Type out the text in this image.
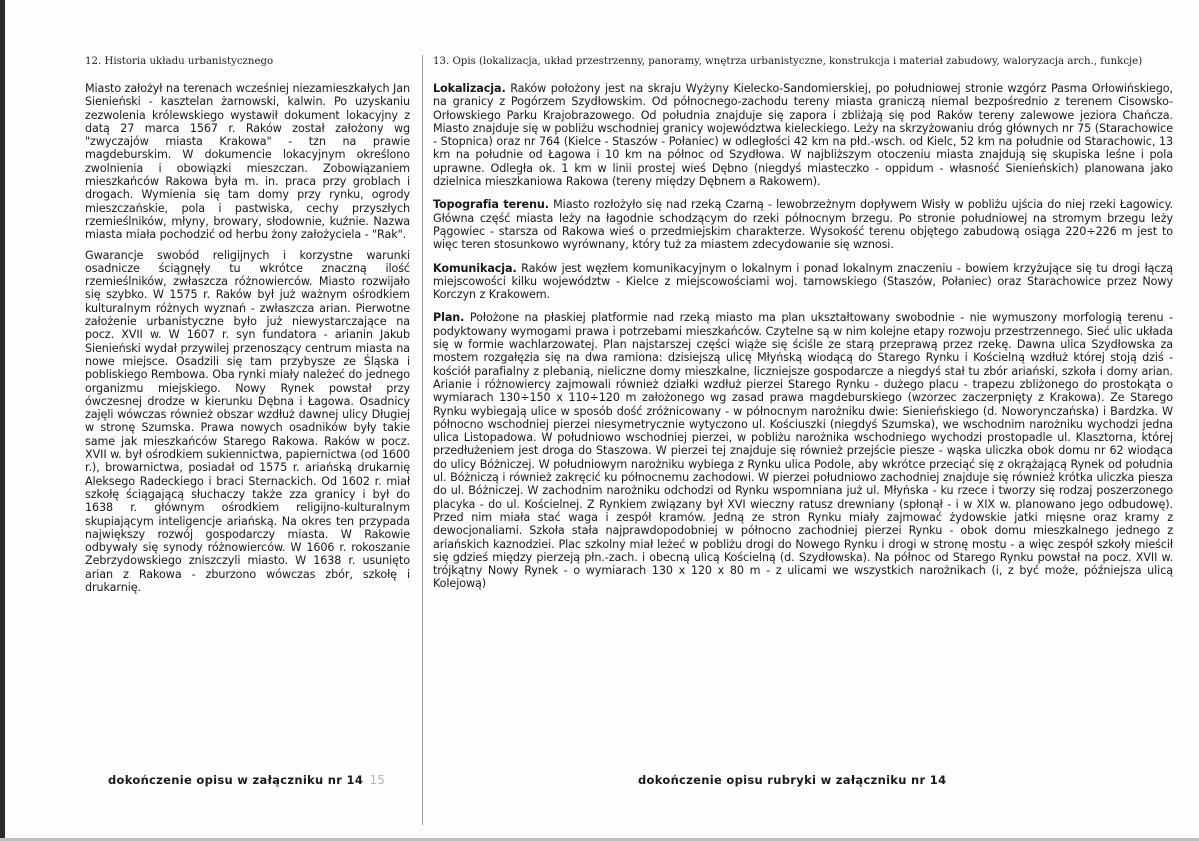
12. Historia układu urbanistycznego

Miasto założył na terenach wcześniej niezamieszkałych Jan Sienieński - kasztelan żarnowski, kalwin. Po uzyskaniu zezwolenia królewskiego wystawił dokument lokacyjny z datą 27 marca 1567 r. Raków został założony wg "zwyczajów miasta Krakowa" - tzn na prawie magdeburskim. W dokumencie lokacyjnym określono zwolnienia i obowiązki mieszczan. Zobowiązaniem mieszkańców Rakowa była m. in. praca przy groblach i drogach. Wymienia się tam domy przy rynku, ogrody mieszczańskie, pola i pastwiska, cechy przyszłych rzemieślników, młyny, browary, słodownie, kuźnie. Nazwa miasta miała pochodzić od herbu żony założyciela - "Rak".

Gwarancje swobód religijnych i korzystne warunki osadnicze ściągnęły tu wkrótce znaczną ilość rzemieślników, zwłaszcza różnowierców. Miasto rozwijało się szybko. W 1575 r. Raków był już ważnym ośrodkiem kulturalnym różnych wyznań - zwłaszcza arian. Pierwotne założenie urbanistyczne było już niewystarczające na pocz. XVII w. W 1607 r. syn fundatora - arianin Jakub Sienieński wydał przywilej przenoszący centrum miasta na nowe miejsce. Osadzili się tam przybysze ze Śląska i pobliskiego Rembowa. Oba rynki miały należeć do jednego organizmu miejskiego. Nowy Rynek powstał przy ówczesnej drodze w kierunku Dębna i Łagowa. Osadnicy zajęli wówczas również obszar wzdłuż dawnej ulicy Długiej w stronę Szumska. Prawa nowych osadników były takie same jak mieszkańców Starego Rakowa. Raków w pocz. XVII w. był ośrodkiem sukiennictwa, papiernictwa (od 1600 r.), browarnictwa, posiadał od 1575 r. ariańską drukarnię Aleksego Radeckiego i braci Sternackich. Od 1602 r. miał szkołę ściągającą słuchaczy także zza granicy i był do 1638 r. głównym ośrodkiem religijno-kulturalnym skupiającym inteligencje ariańską. Na okres ten przypada największy rozwój gospodarczy miasta. W Rakowie odbywały się synody różnowierców. W 1606 r. rokoszanie Zebrzydowskiego zniszczyli miasto. W 1638 r. usunięto arian z Rakowa - zburzono wówczas zbór, szkołę i drukarnię.

dokończenie opisu w załączniku nr 14 15
13. Opis (lokalizacja, układ przestrzenny, panoramy, wnętrza urbanistyczne, konstrukcja i materiał zabudowy, waloryzacja arch., funkcje)

Lokalizacja. Raków położony jest na skraju Wyżyny Kielecko-Sandomierskiej, po południowej stronie wzgórz Pasma Orłowińskiego, na granicy z Pogórzem Szydłowskim. Od północnego-zachodu tereny miasta graniczą niemal bezpośrednio z terenem Cisowsko-Orłowskiego Parku Krajobrazowego. Od południa znajduje się zapora i zbliżają się pod Raków tereny zalewowe jeziora Chańcza. Miasto znajduje się w pobliżu wschodniej granicy województwa kieleckiego. Leży na skrzyżowaniu dróg głównych nr 75 (Starachowice - Stopnica) oraz nr 764 (Kielce - Staszów - Połaniec) w odległości 42 km na płd.-wsch. od Kielc, 52 km na południe od Starachowic, 13 km na południe od Łagowa i 10 km na północ od Szydłowa. W najbliższym otoczeniu miasta znajdują się skupiska leśne i pola uprawne. Odległa ok. 1 km w linii prostej wieś Dębno (niegdyś miasteczko - oppidum - własność Sienieńskich) planowana jako dzielnica mieszkaniowa Rakowa (tereny między Dębnem a Rakowem).

Topografia terenu. Miasto rozłożyło się nad rzeką Czarną - lewobrzeżnym dopływem Wisły w pobliżu ujścia do niej rzeki Łagowicy. Główna część miasta leży na łagodnie schodzącym do rzeki północnym brzegu. Po stronie południowej na stromym brzegu leży Pągowiec - starsza od Rakowa wieś o przedmiejskim charakterze. Wysokość terenu objętego zabudową osiąga 220÷226 m jest to więc teren stosunkowo wyrównany, który tuż za miastem zdecydowanie się wznosi.

Komunikacja. Raków jest węzłem komunikacyjnym o lokalnym i ponad lokalnym znaczeniu - bowiem krzyżujące się tu drogi łączą miejscowości kilku województw - Kielce z miejscowościami woj. tarnowskiego (Staszów, Połaniec) oraz Starachowice przez Nowy Korczyn z Krakowem.

Plan. Położone na płaskiej platformie nad rzeką miasto ma plan ukształtowany swobodnie - nie wymuszony morfologią terenu - podyktowany wymogami prawa i potrzebami mieszkańców. Czytelne są w nim kolejne etapy rozwoju przestrzennego. Sieć ulic układa się w formie wachlarzowatej. Plan najstarszej części wiąże się ściśle ze starą przeprawą przez rzekę. Dawna ulica Szydłowska za mostem rozgałęzia się na dwa ramiona: dzisiejszą ulicę Młyńską wiodącą do Starego Rynku i Kościelną wzdłuż której stoją dziś - kościół parafialny z plebanią, nieliczne domy mieszkalne, liczniejsze gospodarcze a niegdyś stał tu zbór ariański, szkoła i domy arian. Arianie i różnowiercy zajmowali również działki wzdłuż pierzei Starego Rynku - dużego placu - trapezu zbliżonego do prostokąta o wymiarach 130÷150 x 110÷120 m założonego wg zasad prawa magdeburskiego (wzorzec zaczerpnięty z Krakowa). Ze Starego Rynku wybiegają ulice w sposób dość zróżnicowany - w północnym narożniku dwie: Sienieńskiego (d. Noworynczańska) i Bardzka. W północno wschodniej pierzei niesymetrycznie wytyczono ul. Kościuszki (niegdyś Szumska), we wschodnim narożniku wychodzi jedna ulica Listopadowa. W południowo wschodniej pierzei, w pobliżu narożnika wschodniego wychodzi prostopadle ul. Klasztorna, której przedłużeniem jest droga do Staszowa. W pierzei tej znajduje się również przejście piesze - wąska uliczka obok domu nr 62 wiodąca do ulicy Bóżniczej. W południowym narożniku wybiega z Rynku ulica Podole, aby wkrótce przeciąć się z okrążającą Rynek od południa ul. Bóżniczą i również zakręcić ku północnemu zachodowi. W pierzei południowo zachodniej znajduje się również krótka uliczka piesza do ul. Bóżniczej. W zachodnim narożniku odchodzi od Rynku wspomniana już ul. Młyńska - ku rzece i tworzy się rodzaj poszerzonego placyka - do ul. Kościelnej. Z Rynkiem związany był XVI wieczny ratusz drewniany (spłonął - i w XIX w. planowano jego odbudowę). Przed nim miała stać waga i zespół kramów. Jedną ze stron Rynku miały zajmować żydowskie jatki mięsne oraz kramy z dewocjonaliami. Szkoła stała najprawdopodobniej w północno zachodniej pierzei Rynku - obok domu mieszkalnego jednego z ariańskich kaznodziei. Plac szkolny miał leżeć w pobliżu drogi do Nowego Rynku i drogi w stronę mostu - a więc zespół szkoły mieścił się gdzieś między pierzeją płn.-zach. i obecną ulicą Kościelną (d. Szydłowska). Na północ od Starego Rynku powstał na pocz. XVII w. trójkątny Nowy Rynek - o wymiarach 130 x 120 x 80 m - z ulicami we wszystkich narożnikach (i, z być może, późniejsza ulicą Kolejową)

dokończenie opisu rubryki w załączniku nr 14
